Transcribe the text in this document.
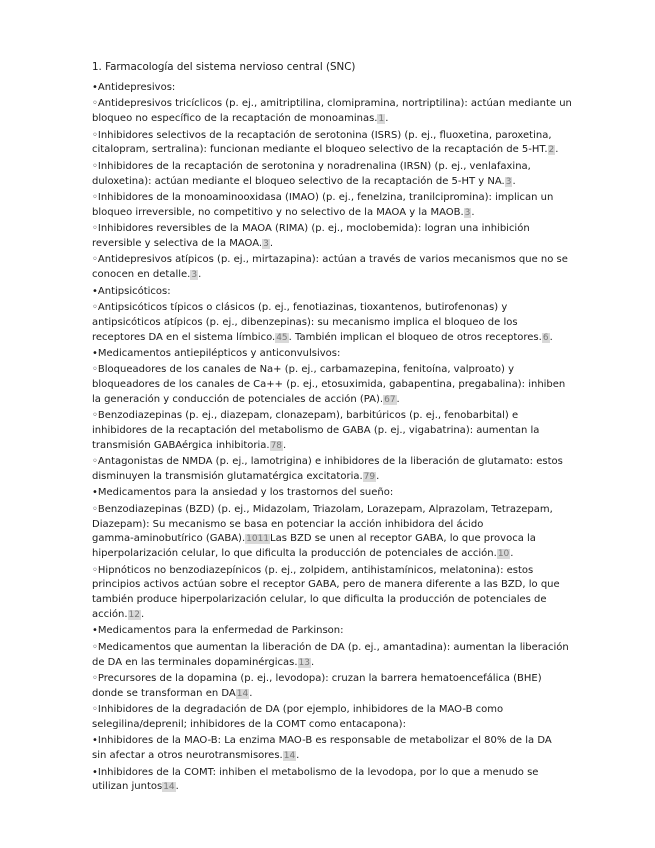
1. Farmacología del sistema nervioso central (SNC)
•Antidepresivos:
◦Antidepresivos tricíclicos (p. ej., amitriptilina, clomipramina, nortriptilina): actúan mediante un
bloqueo no específico de la recaptación de monoaminas.1.
◦Inhibidores selectivos de la recaptación de serotonina (ISRS) (p. ej., fluoxetina, paroxetina,
citalopram, sertralina): funcionan mediante el bloqueo selectivo de la recaptación de 5-HT.2.
◦Inhibidores de la recaptación de serotonina y noradrenalina (IRSN) (p. ej., venlafaxina,
duloxetina): actúan mediante el bloqueo selectivo de la recaptación de 5-HT y NA.3.
◦Inhibidores de la monoaminooxidasa (IMAO) (p. ej., fenelzina, tranilcipromina): implican un
bloqueo irreversible, no competitivo y no selectivo de la MAOA y la MAOB.3.
◦Inhibidores reversibles de la MAOA (RIMA) (p. ej., moclobemida): logran una inhibición
reversible y selectiva de la MAOA.3.
◦Antidepresivos atípicos (p. ej., mirtazapina): actúan a través de varios mecanismos que no se
conocen en detalle.3.
•Antipsicóticos:
◦Antipsicóticos típicos o clásicos (p. ej., fenotiazinas, tioxantenos, butirofenonas) y
antipsicóticos atípicos (p. ej., dibenzepinas): su mecanismo implica el bloqueo de los
receptores DA en el sistema límbico.45. También implican el bloqueo de otros receptores.6.
•Medicamentos antiepilépticos y anticonvulsivos:
◦Bloqueadores de los canales de Na+ (p. ej., carbamazepina, fenitoína, valproato) y
bloqueadores de los canales de Ca++ (p. ej., etosuximida, gabapentina, pregabalina): inhiben
la generación y conducción de potenciales de acción (PA).67.
◦Benzodiazepinas (p. ej., diazepam, clonazepam), barbitúricos (p. ej., fenobarbital) e
inhibidores de la recaptación del metabolismo de GABA (p. ej., vigabatrina): aumentan la
transmisión GABAérgica inhibitoria.78.
◦Antagonistas de NMDA (p. ej., lamotrigina) e inhibidores de la liberación de glutamato: estos
disminuyen la transmisión glutamatérgica excitatoria.79.
•Medicamentos para la ansiedad y los trastornos del sueño:
◦Benzodiazepinas (BZD) (p. ej., Midazolam, Triazolam, Lorazepam, Alprazolam, Tetrazepam,
Diazepam): Su mecanismo se basa en potenciar la acción inhibidora del ácido
gamma-aminobutírico (GABA).1011Las BZD se unen al receptor GABA, lo que provoca la
hiperpolarización celular, lo que dificulta la producción de potenciales de acción.10.
◦Hipnóticos no benzodiazepínicos (p. ej., zolpidem, antihistamínicos, melatonina): estos
principios activos actúan sobre el receptor GABA, pero de manera diferente a las BZD, lo que
también produce hiperpolarización celular, lo que dificulta la producción de potenciales de
acción.12.
•Medicamentos para la enfermedad de Parkinson:
◦Medicamentos que aumentan la liberación de DA (p. ej., amantadina): aumentan la liberación
de DA en las terminales dopaminérgicas.13.
◦Precursores de la dopamina (p. ej., levodopa): cruzan la barrera hematoencefálica (BHE)
donde se transforman en DA14.
◦Inhibidores de la degradación de DA (por ejemplo, inhibidores de la MAO-B como
selegilina/deprenil; inhibidores de la COMT como entacapona):
•Inhibidores de la MAO-B: La enzima MAO-B es responsable de metabolizar el 80% de la DA
sin afectar a otros neurotransmisores.14.
•Inhibidores de la COMT: inhiben el metabolismo de la levodopa, por lo que a menudo se
utilizan juntos14.
